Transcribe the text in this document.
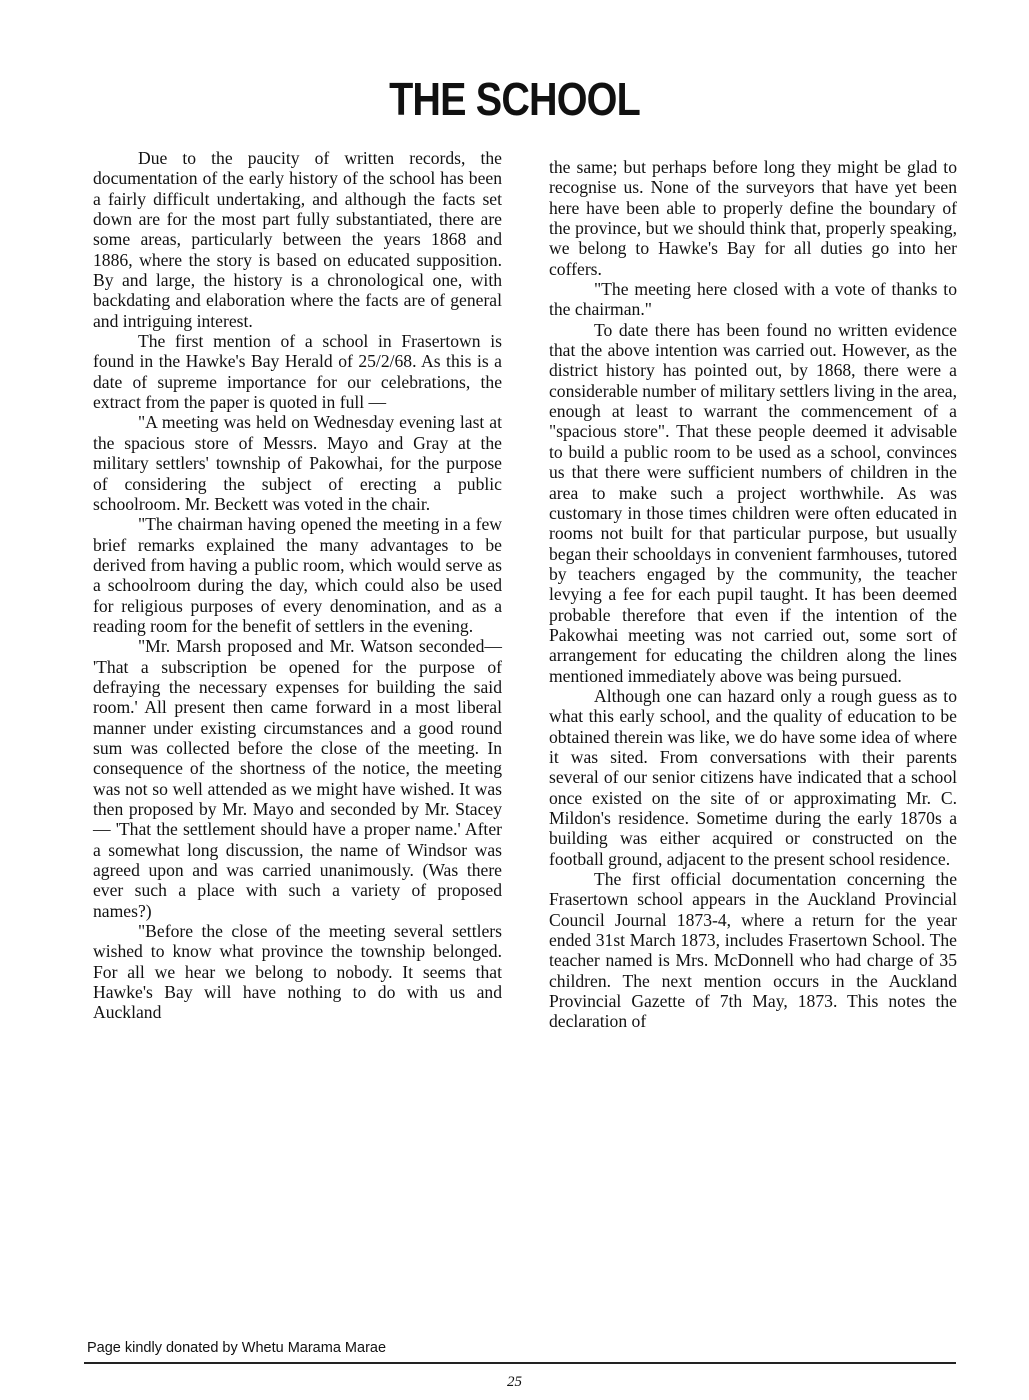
THE SCHOOL

Due to the paucity of written records, the documentation of the early history of the school has been a fairly difficult undertaking, and although the facts set down are for the most part fully substantiated, there are some areas, particularly between the years 1868 and 1886, where the story is based on educated supposition. By and large, the history is a chronological one, with backdating and elaboration where the facts are of general and intriguing interest.

The first mention of a school in Frasertown is found in the Hawke's Bay Herald of 25/2/68. As this is a date of supreme importance for our celebrations, the extract from the paper is quoted in full —

"A meeting was held on Wednesday evening last at the spacious store of Messrs. Mayo and Gray at the military settlers' township of Pakowhai, for the purpose of considering the subject of erecting a public schoolroom. Mr. Beckett was voted in the chair.

"The chairman having opened the meeting in a few brief remarks explained the many advantages to be derived from having a public room, which would serve as a schoolroom during the day, which could also be used for religious purposes of every denomination, and as a reading room for the benefit of settlers in the evening.

"Mr. Marsh proposed and Mr. Watson seconded— 'That a subscription be opened for the purpose of defraying the necessary expenses for building the said room.' All present then came forward in a most liberal manner under existing circumstances and a good round sum was collected before the close of the meeting. In consequence of the shortness of the notice, the meeting was not so well attended as we might have wished. It was then proposed by Mr. Mayo and seconded by Mr. Stacey — 'That the settlement should have a proper name.' After a somewhat long discussion, the name of Windsor was agreed upon and was carried unanimously. (Was there ever such a place with such a variety of proposed names?)

"Before the close of the meeting several settlers wished to know what province the township belonged. For all we hear we belong to nobody. It seems that Hawke's Bay will have nothing to do with us and Auckland

the same; but perhaps before long they might be glad to recognise us. None of the surveyors that have yet been here have been able to properly define the boundary of the province, but we should think that, properly speaking, we belong to Hawke's Bay for all duties go into her coffers.

"The meeting here closed with a vote of thanks to the chairman."

To date there has been found no written evidence that the above intention was carried out. However, as the district history has pointed out, by 1868, there were a considerable number of military settlers living in the area, enough at least to warrant the commencement of a "spacious store". That these people deemed it advisable to build a public room to be used as a school, convinces us that there were sufficient numbers of children in the area to make such a project worthwhile. As was customary in those times children were often educated in rooms not built for that particular purpose, but usually began their schooldays in convenient farmhouses, tutored by teachers engaged by the community, the teacher levying a fee for each pupil taught. It has been deemed probable therefore that even if the intention of the Pakowhai meeting was not carried out, some sort of arrangement for educating the children along the lines mentioned immediately above was being pursued.

Although one can hazard only a rough guess as to what this early school, and the quality of education to be obtained therein was like, we do have some idea of where it was sited. From conversations with their parents several of our senior citizens have indicated that a school once existed on the site of or approximating Mr. C. Mildon's residence. Sometime during the early 1870s a building was either acquired or constructed on the football ground, adjacent to the present school residence.

The first official documentation concerning the Frasertown school appears in the Auckland Provincial Council Journal 1873-4, where a return for the year ended 31st March 1873, includes Frasertown School. The teacher named is Mrs. McDonnell who had charge of 35 children. The next mention occurs in the Auckland Provincial Gazette of 7th May, 1873. This notes the declaration of

Page kindly donated by Whetu Marama Marae
25
